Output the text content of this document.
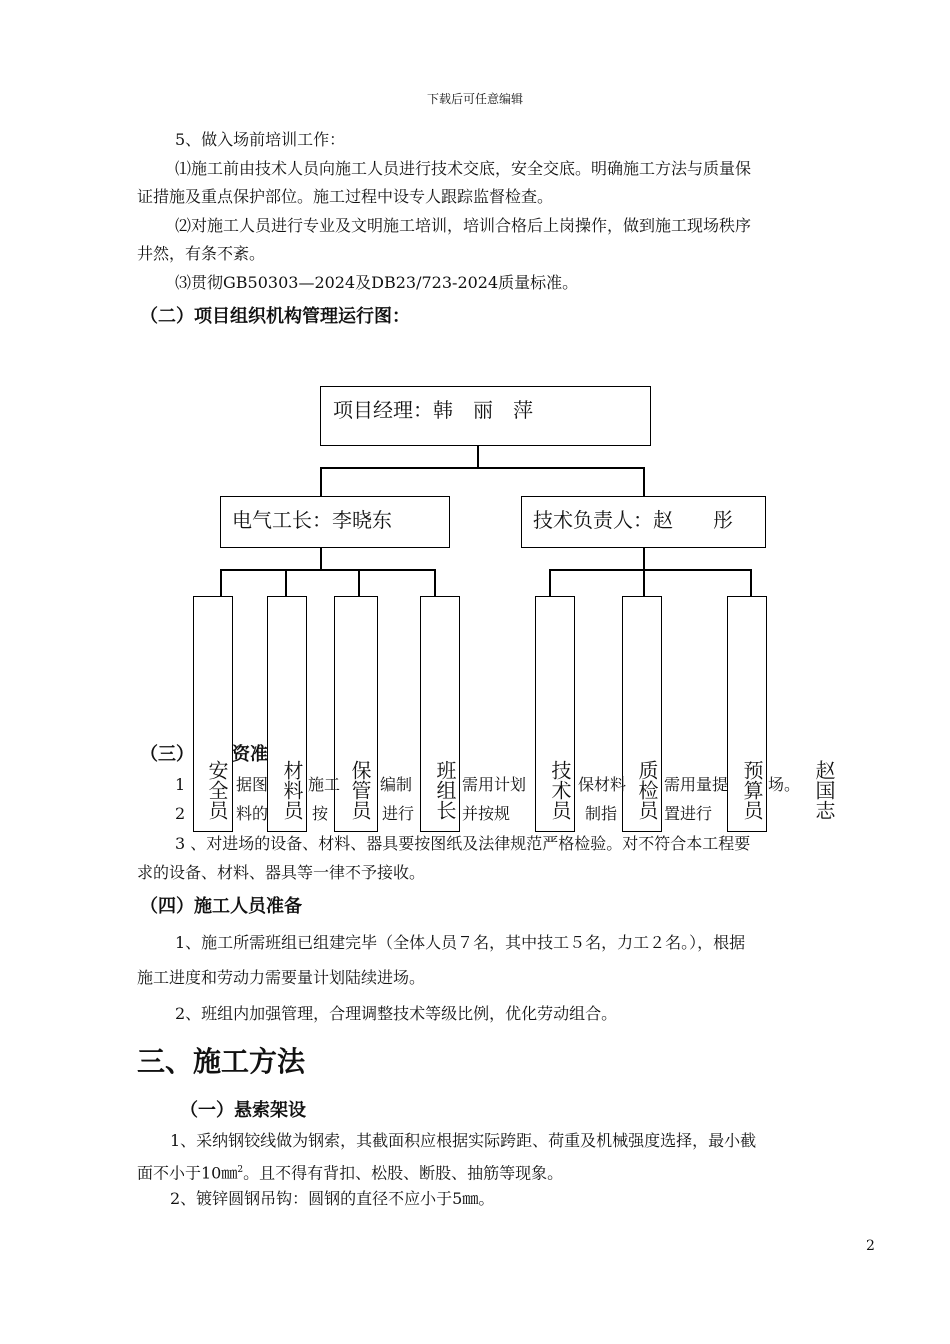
下载后可任意编辑
5、做入场前培训工作：
⑴施工前由技术人员向施工人员进行技术交底，安全交底。明确施工方法与质量保
证措施及重点保护部位。施工过程中设专人跟踪监督检查。
⑵对施工人员进行专业及文明施工培训，培训合格后上岗操作，做到施工现场秩序
井然，有条不紊。
⑶贯彻GB50303—2024及DB23/723-2024质量标准。
（二）项目组织机构管理运行图：
项目经理：韩　丽　萍
电气工长：李晓东	技术负责人：赵　　彤
（三） 资准
1	据图 施工 编制	需用计划	保材料 需用量提 场。
2	料的	按	进行	并按规	制指	置进行
安全员	材料员 保管员	班组长	技术员	质检员	预算员 赵国志
3 、对进场的设备、材料、器具要按图纸及法律规范严格检验。对不符合本工程要
求的设备、材料、器具等一律不予接收。
（四）施工人员准备
1、施工所需班组已组建完毕（全体人员７名，其中技工５名，力工２名。），根据
施工进度和劳动力需要量计划陆续进场。
2、班组内加强管理，合理调整技术等级比例，优化劳动组合。
三、施工方法
（一）悬索架设
1、采纳钢铰线做为钢索，其截面积应根据实际跨距、荷重及机械强度选择，最小截
面不小于10㎜$^2$。且不得有背扣、松股、断股、抽筋等现象。
2、镀锌圆钢吊钩：圆钢的直径不应小于5㎜。
2
